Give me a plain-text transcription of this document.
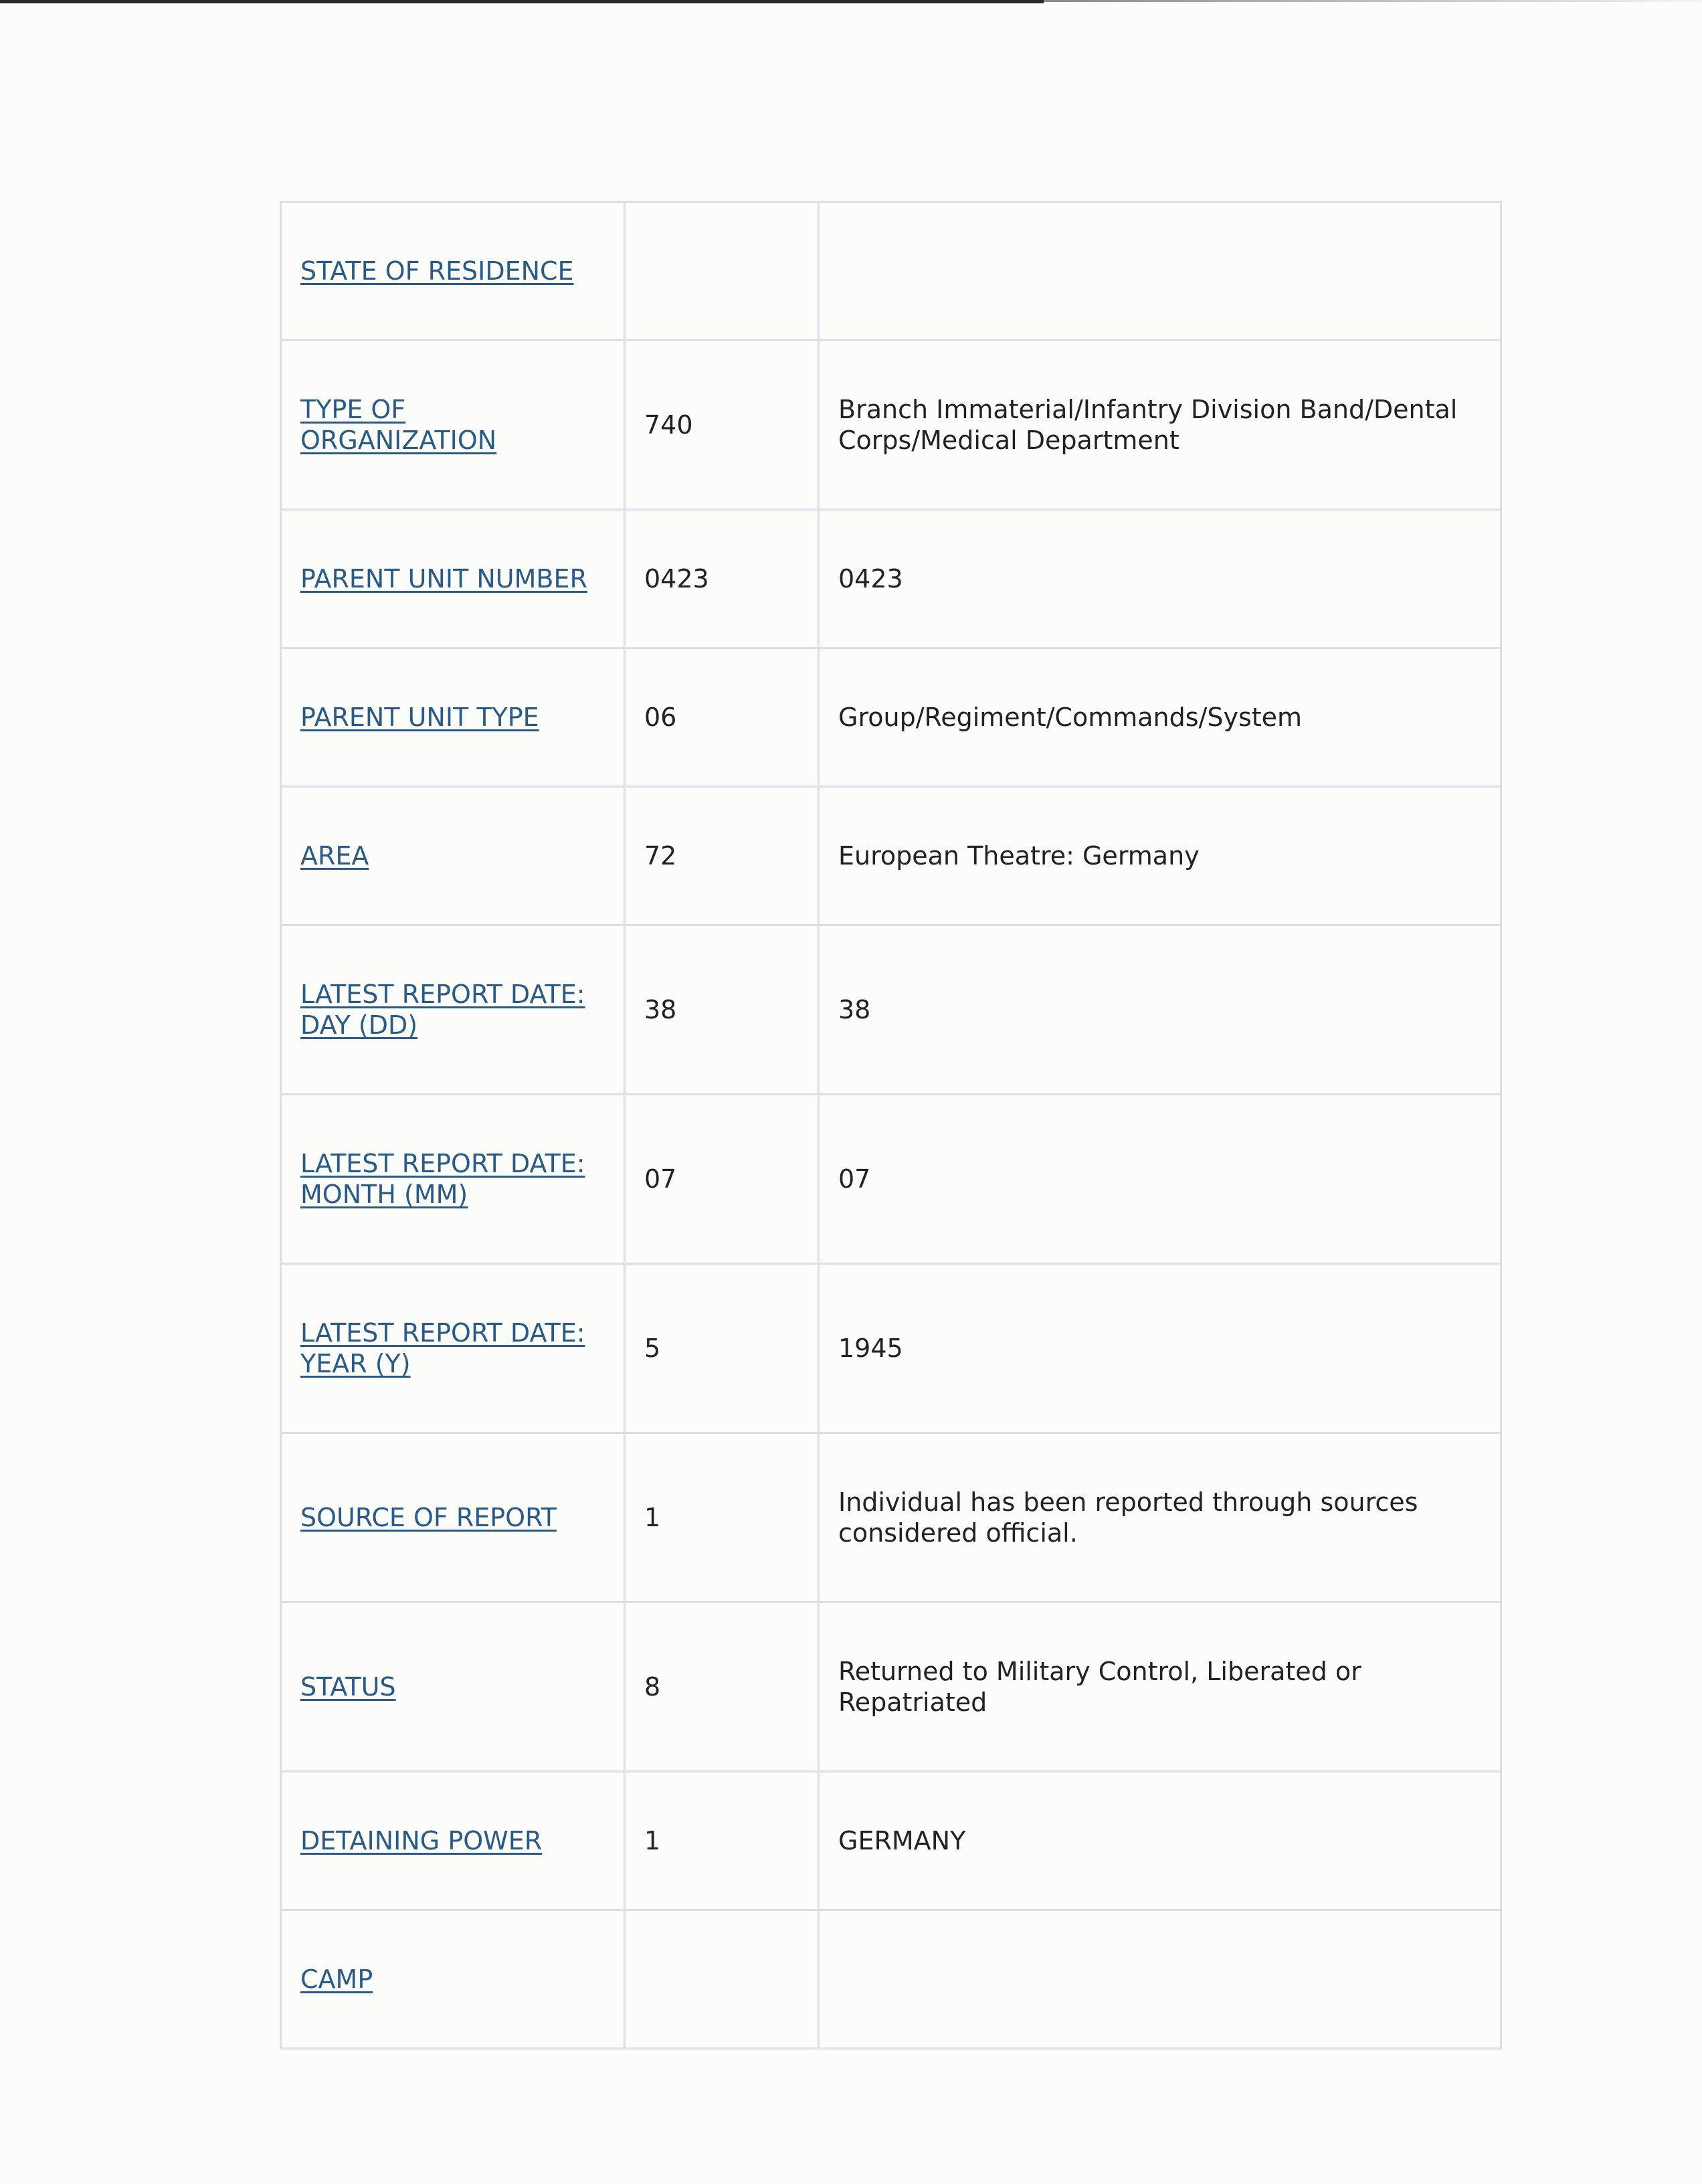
STATE OF RESIDENCE		
TYPE OF ORGANIZATION	740	Branch Immaterial/Infantry Division Band/Dental Corps/Medical Department
PARENT UNIT NUMBER	0423	0423
PARENT UNIT TYPE	06	Group/Regiment/Commands/System
AREA	72	European Theatre: Germany
LATEST REPORT DATE: DAY (DD)	38	38
LATEST REPORT DATE: MONTH (MM)	07	07
LATEST REPORT DATE: YEAR (Y)	5	1945
SOURCE OF REPORT	1	Individual has been reported through sources considered official.
STATUS	8	Returned to Military Control, Liberated or Repatriated
DETAINING POWER	1	GERMANY
CAMP		
